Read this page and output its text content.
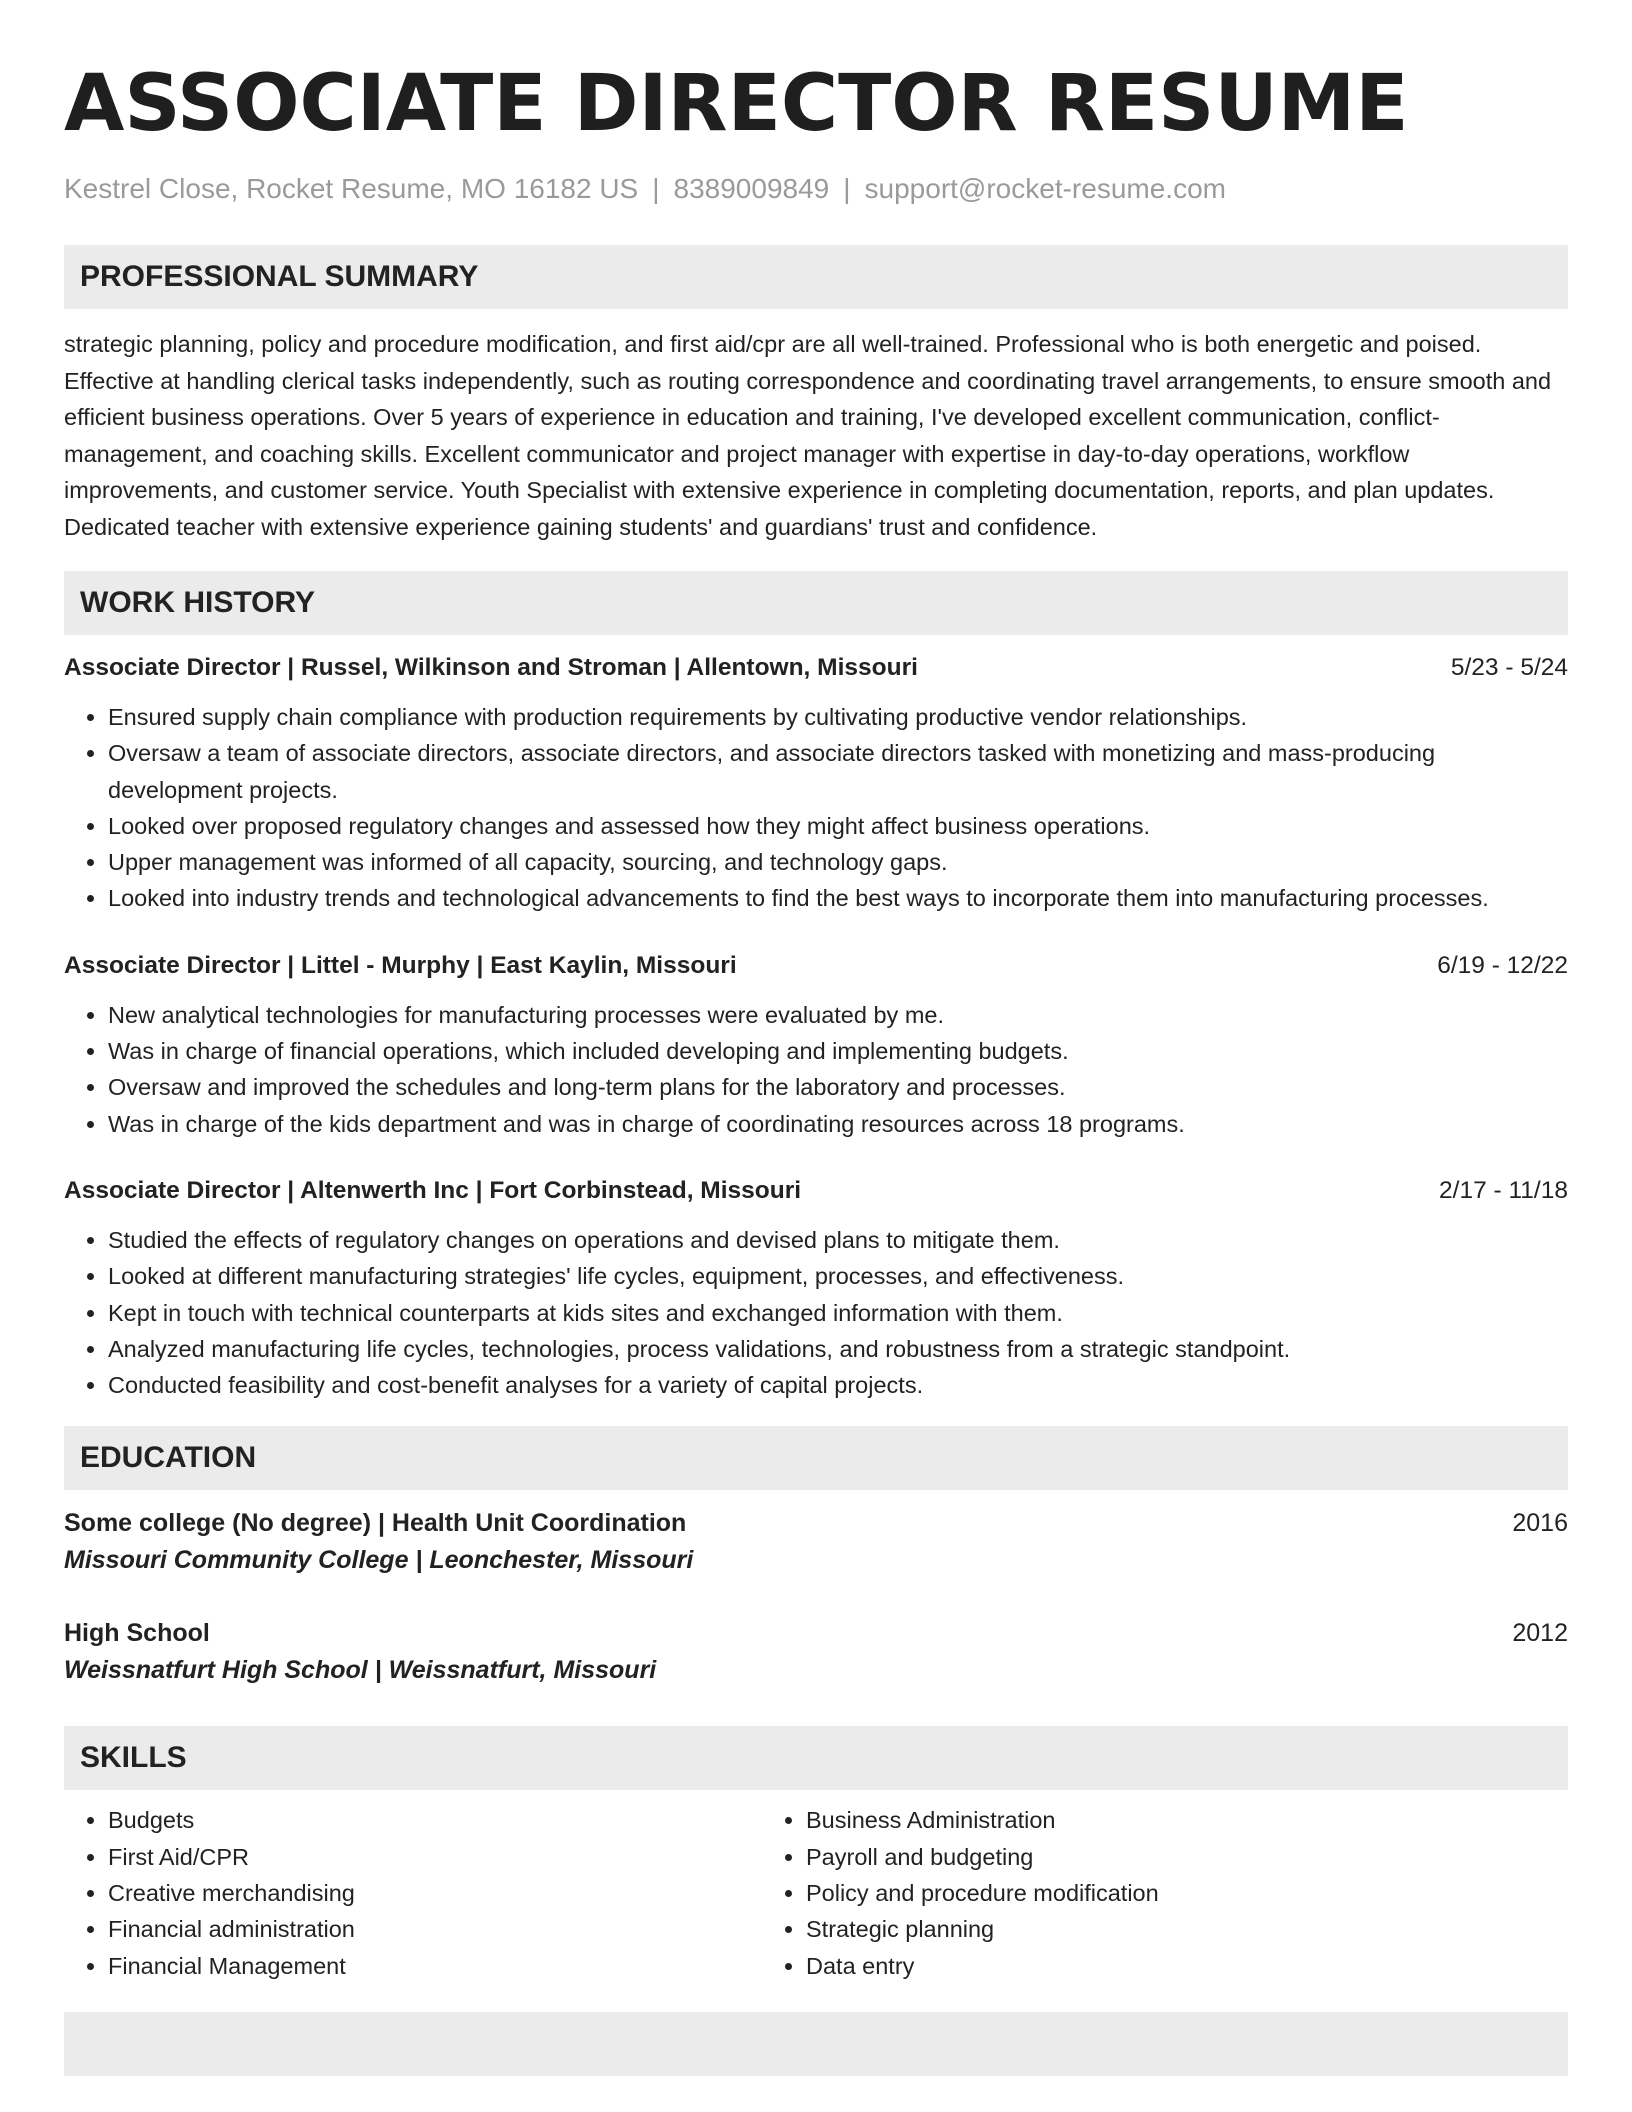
ASSOCIATE DIRECTOR RESUME
Kestrel Close, Rocket Resume, MO 16182 US | 8389009849 | support@rocket-resume.com
PROFESSIONAL SUMMARY

strategic planning, policy and procedure modification, and first aid/cpr are all well-trained. Professional who is both energetic and poised. Effective at handling clerical tasks independently, such as routing correspondence and coordinating travel arrangements, to ensure smooth and efficient business operations. Over 5 years of experience in education and training, I've developed excellent communication, conflict-management, and coaching skills. Excellent communicator and project manager with expertise in day-to-day operations, workflow improvements, and customer service. Youth Specialist with extensive experience in completing documentation, reports, and plan updates. Dedicated teacher with extensive experience gaining students' and guardians' trust and confidence.

WORK HISTORY
Associate Director | Russel, Wilkinson and Stroman | Allentown, Missouri	5/23 - 5/24
• Ensured supply chain compliance with production requirements by cultivating productive vendor relationships.
• Oversaw a team of associate directors, associate directors, and associate directors tasked with monetizing and mass-producing development projects.
• Looked over proposed regulatory changes and assessed how they might affect business operations.
• Upper management was informed of all capacity, sourcing, and technology gaps.
• Looked into industry trends and technological advancements to find the best ways to incorporate them into manufacturing processes.
Associate Director | Littel - Murphy | East Kaylin, Missouri	6/19 - 12/22
• New analytical technologies for manufacturing processes were evaluated by me.
• Was in charge of financial operations, which included developing and implementing budgets.
• Oversaw and improved the schedules and long-term plans for the laboratory and processes.
• Was in charge of the kids department and was in charge of coordinating resources across 18 programs.
Associate Director | Altenwerth Inc | Fort Corbinstead, Missouri	2/17 - 11/18
• Studied the effects of regulatory changes on operations and devised plans to mitigate them.
• Looked at different manufacturing strategies' life cycles, equipment, processes, and effectiveness.
• Kept in touch with technical counterparts at kids sites and exchanged information with them.
• Analyzed manufacturing life cycles, technologies, process validations, and robustness from a strategic standpoint.
• Conducted feasibility and cost-benefit analyses for a variety of capital projects.
EDUCATION
Some college (No degree) | Health Unit Coordination	2016
Missouri Community College | Leonchester, Missouri
High School	2012
Weissnatfurt High School | Weissnatfurt, Missouri
SKILLS
• Budgets
• First Aid/CPR
• Creative merchandising
• Financial administration
• Financial Management
• Business Administration
• Payroll and budgeting
• Policy and procedure modification
• Strategic planning
• Data entry
